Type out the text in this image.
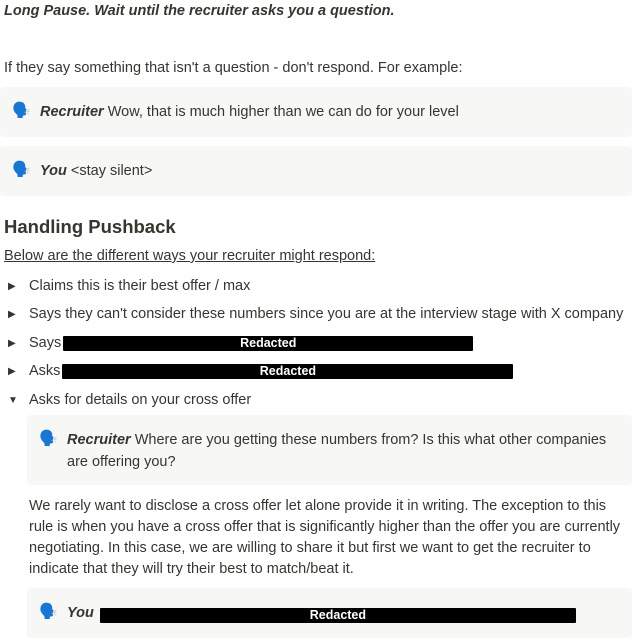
Long Pause. Wait until the recruiter asks you a question.
If they say something that isn't a question - don't respond. For example:
🗣️ Recruiter Wow, that is much higher than we can do for your level
🗣️ You <stay silent>
Handling Pushback
Below are the different ways your recruiter might respond:
▶ Claims this is their best offer / max
▶ Says they can't consider these numbers since you are at the interview stage with X company
▶ Says	Redacted
▶ Asks	Redacted
▼ Asks for details on your cross offer
🗣️ Recruiter Where are you getting these numbers from? Is this what other companies are offering you?
We rarely want to disclose a cross offer let alone provide it in writing. The exception to this rule is when you have a cross offer that is significantly higher than the offer you are currently negotiating. In this case, we are willing to share it but first we want to get the recruiter to indicate that they will try their best to match/beat it.
🗣️ You	Redacted
